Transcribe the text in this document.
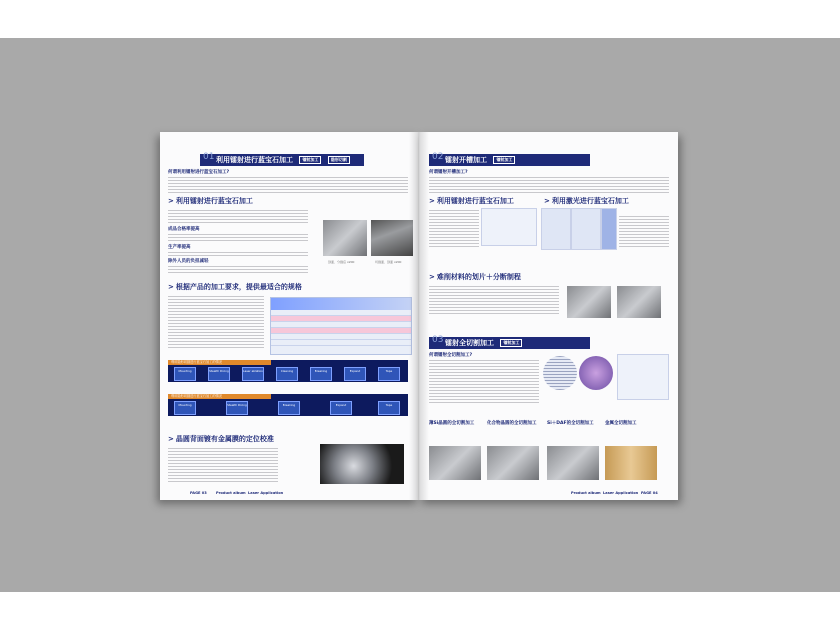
01 利用镭射进行蓝宝石加工 镭射加工	隐形切割
何谓利用镭射进行蓝宝石加工?
> 利用镭射进行蓝宝石加工
成品合格率提高
生产率提高
除外人员的负担减轻	剖面、分割后 x200	切割面、剖面 x200
> 根据产品的加工要求，提供最适合的规格
利用隐形切割进行蓝宝石加工的情况
Mounting	Stealth Dicing	Laser ablation	Cleaning	Breaking	Expand	Tape
利用隐形切割进行蓝宝石加工的情况
Mounting	Stealth Dicing	Breaking	Expand	Tape
> 晶圆背面镀有金属膜的定位校准
PAGE 03	Product album Laser Application
02 镭射开槽加工 镭射加工
何谓镭射开槽加工?
> 利用镭射进行蓝宝石加工
>	利用激光进行蓝宝石加工
> 难削材料的划片＋分断制程
03 镭射全切割加工 镭射加工
何谓镭射全切割加工?
薄Si晶圆的全切割加工	化合物晶圆的全切割加工 Si＋DAF的全切割加工	金属全切割加工
Product album Laser Application PAGE 04
